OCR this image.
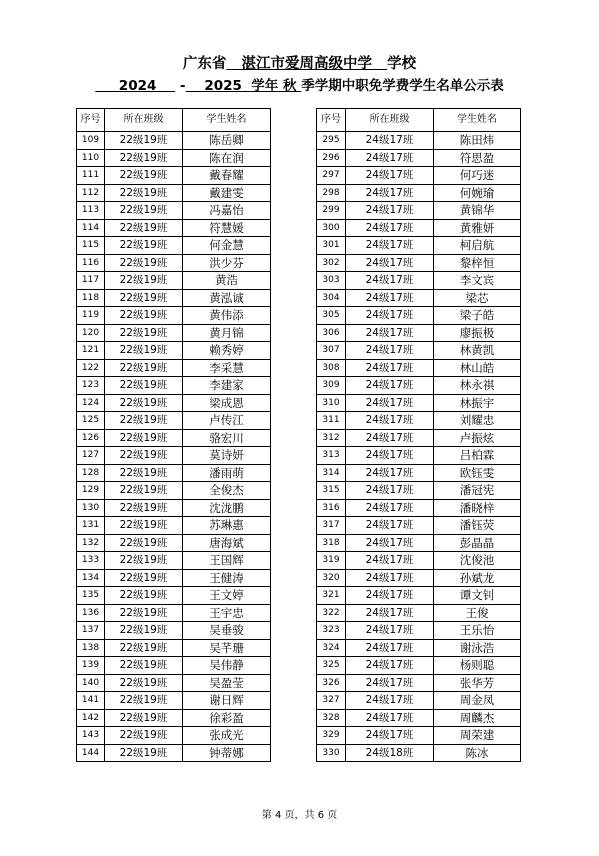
广东省 湛江市爱周高级中学 学校
2024 - 2025 学年 秋 季学期中职免学费学生名单公示表
序号	所在班级	学生姓名
109	22级19班	陈岳卿
110	22级19班	陈在润
111	22级19班	戴春耀
112	22级19班	戴建雯
113	22级19班	冯嘉怡
114	22级19班	符慧媛
115	22级19班	何金慧
116	22级19班	洪少芬
117	22级19班	黄浩
118	22级19班	黄泓诚
119	22级19班	黄伟添
120	22级19班	黄月锦
121	22级19班	赖秀婷
122	22级19班	李采慧
123	22级19班	李建家
124	22级19班	梁成恩
125	22级19班	卢传江
126	22级19班	骆宏川
127	22级19班	莫诗妍
128	22级19班	潘雨萌
129	22级19班	全俊杰
130	22级19班	沈泷鹏
131	22级19班	苏琳惠
132	22级19班	唐海斌
133	22级19班	王国辉
134	22级19班	王健涛
135	22级19班	王文婷
136	22级19班	王宇忠
137	22级19班	吴垂骏
138	22级19班	吴芊珊
139	22级19班	吴伟静
140	22级19班	吴盈莹
141	22级19班	谢日辉
142	22级19班	徐彩盈
143	22级19班	张成光
144	22级19班	钟蒂娜
序号	所在班级	学生姓名
295	24级17班	陈田炜
296	24级17班	符思盈
297	24级17班	何巧迷
298	24级17班	何婉瑜
299	24级17班	黄锦华
300	24级17班	黄雅妍
301	24级17班	柯启航
302	24级17班	黎梓恒
303	24级17班	李文宾
304	24级17班	梁芯
305	24级17班	梁子皓
306	24级17班	廖振极
307	24级17班	林黄凯
308	24级17班	林山皓
309	24级17班	林永祺
310	24级17班	林振宇
311	24级17班	刘耀忠
312	24级17班	卢振炫
313	24级17班	吕柏霖
314	24级17班	欧钰雯
315	24级17班	潘冠宪
316	24级17班	潘晓梓
317	24级17班	潘钰荧
318	24级17班	彭晶晶
319	24级17班	沈俊池
320	24级17班	孙斌龙
321	24级17班	谭文钊
322	24级17班	王俊
323	24级17班	王乐怡
324	24级17班	谢泳浩
325	24级17班	杨则聪
326	24级17班	张华芳
327	24级17班	周金凤
328	24级17班	周麟杰
329	24级17班	周荣建
330	24级18班	陈冰
第 4 页，共 6 页
